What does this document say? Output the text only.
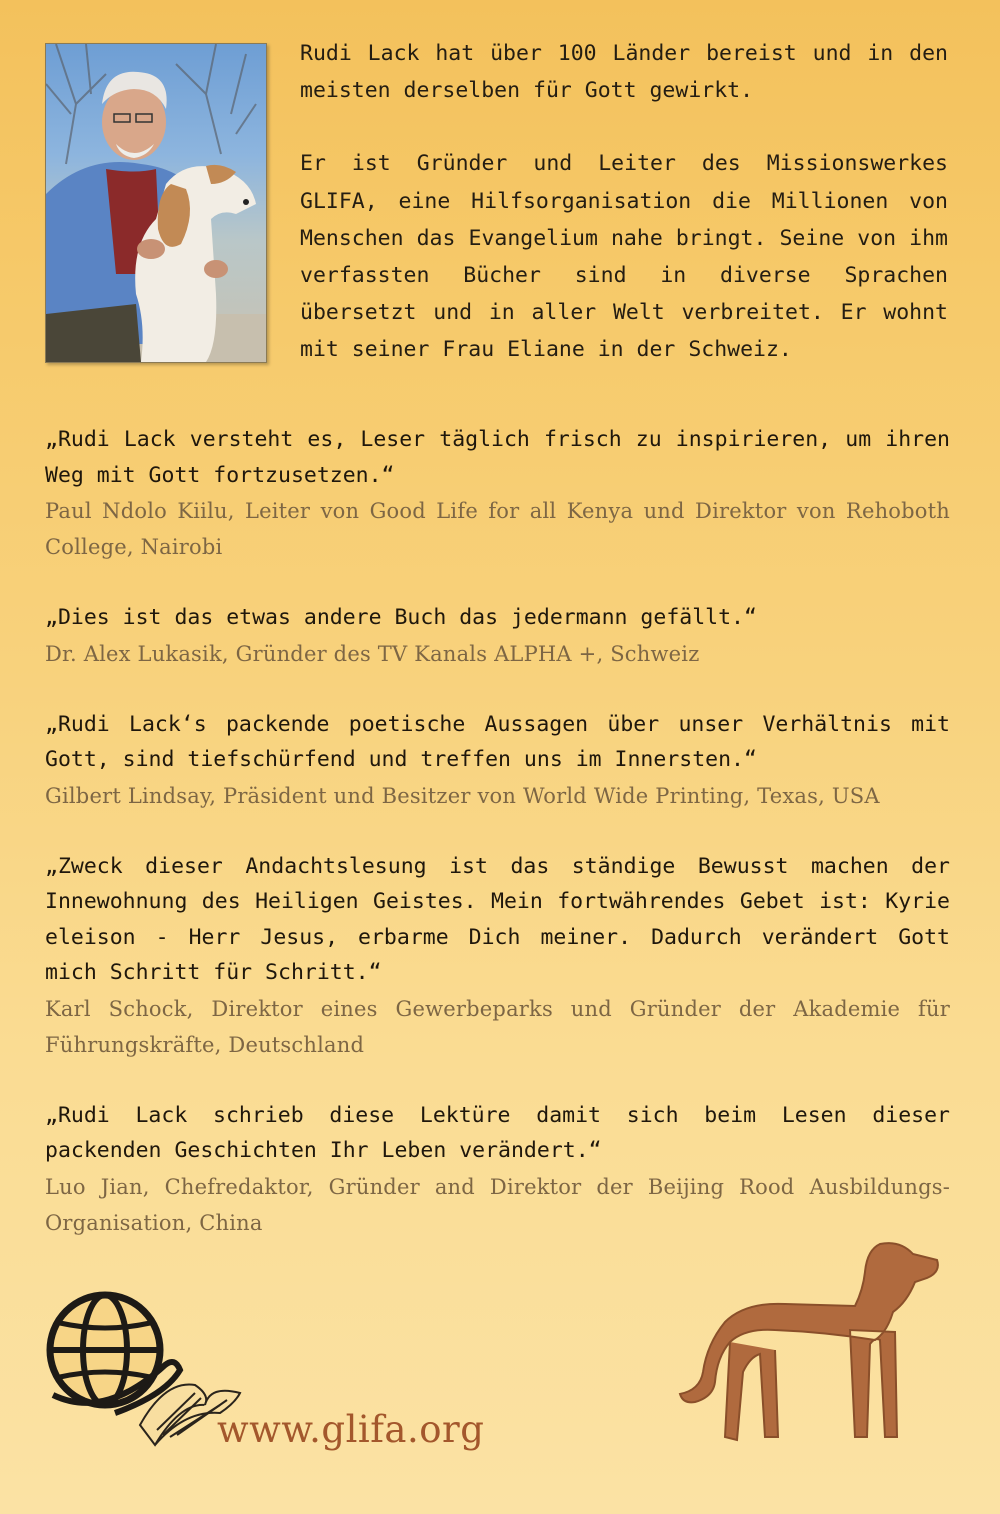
Rudi Lack hat über 100 Länder bereist und in den meisten derselben für Gott gewirkt.

Er ist Gründer und Leiter des Missionswerkes GLIFA, eine Hilfsorganisation die Millionen von Menschen das Evangelium nahe bringt. Seine von ihm verfassten Bücher sind in diverse Sprachen übersetzt und in aller Welt verbreitet. Er wohnt mit seiner Frau Eliane in der Schweiz.

„Rudi Lack versteht es, Leser täglich frisch zu inspirieren, um ihren Weg mit Gott fortzusetzen.“
Paul Ndolo Kiilu, Leiter von Good Life for all Kenya und Direktor von Rehoboth College, Nairobi
„Dies ist das etwas andere Buch das jedermann gefällt.“
Dr. Alex Lukasik, Gründer des TV Kanals ALPHA +, Schweiz
„Rudi Lack‘s packende poetische Aussagen über unser Verhältnis mit Gott, sind tiefschürfend und treffen uns im Innersten.“
Gilbert Lindsay, Präsident und Besitzer von World Wide Printing, Texas, USA
„Zweck dieser Andachtslesung ist das ständige Bewusst machen der Innewohnung des Heiligen Geistes. Mein fortwährendes Gebet ist: Kyrie eleison - Herr Jesus, erbarme Dich meiner. Dadurch verändert Gott mich Schritt für Schritt.“
Karl Schock, Direktor eines Gewerbeparks und Gründer der Akademie für Führungskräfte, Deutschland
„Rudi Lack schrieb diese Lektüre damit sich beim Lesen dieser packenden Geschichten Ihr Leben verändert.“
Luo Jian, Chefredaktor, Gründer and Direktor der Beijing Rood Ausbildungs-Organisation, China
www.glifa.org
